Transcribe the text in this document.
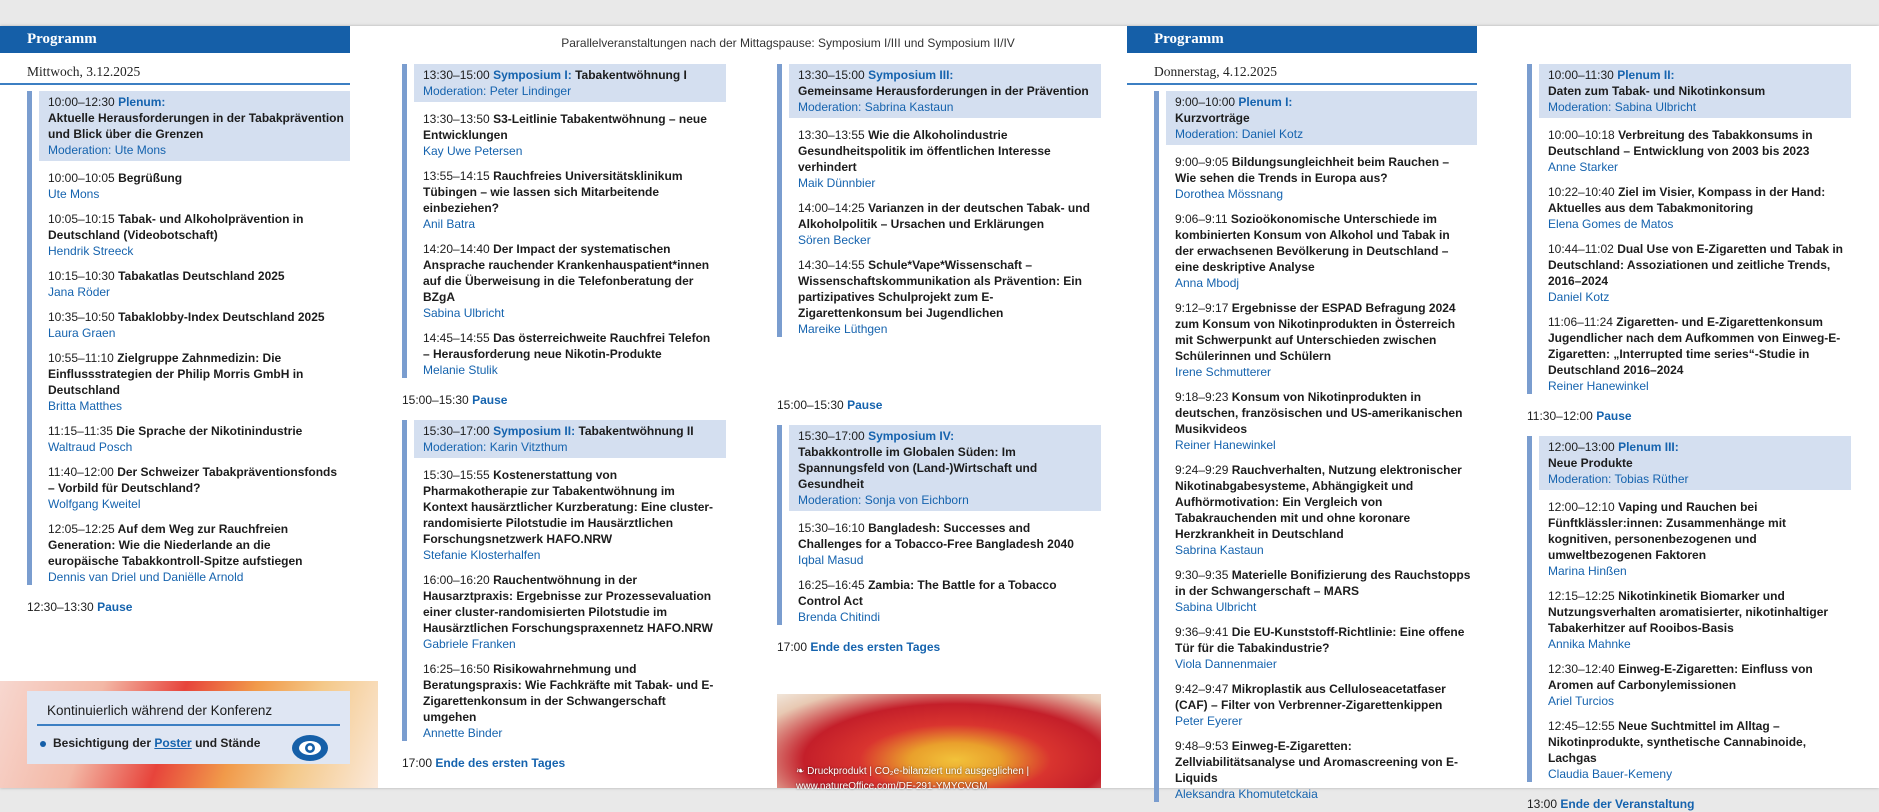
Parallelveranstaltungen nach der Mittagspause: Symposium I/III und Symposium II/IV
Programm
Mittwoch, 3.12.2025
10:00–12:30 Plenum:
Aktuelle Herausforderungen in der Tabakprävention und Blick über die Grenzen
Moderation: Ute Mons
10:00–10:05 Begrüßung
Ute Mons
10:05–10:15 Tabak- und Alkoholprävention in Deutschland (Videobotschaft)
Hendrik Streeck
10:15–10:30 Tabakatlas Deutschland 2025
Jana Röder
10:35–10:50 Tabaklobby-Index Deutschland 2025
Laura Graen
10:55–11:10 Zielgruppe Zahnmedizin: Die Einflussstrategien der Philip Morris GmbH in Deutschland
Britta Matthes
11:15–11:35 Die Sprache der Nikotinindustrie
Waltraud Posch
11:40–12:00 Der Schweizer Tabakpräventionsfonds – Vorbild für Deutschland?
Wolfgang Kweitel
12:05–12:25 Auf dem Weg zur Rauchfreien Generation: Wie die Niederlande an die europäische Tabakkontroll-Spitze aufstiegen
Dennis van Driel und Daniëlle Arnold
12:30–13:30 Pause
Kontinuierlich während der Konferenz
Besichtigung der Poster und Stände
13:30–15:00 Symposium I: Tabakentwöhnung I
Moderation: Peter Lindinger
13:30–13:50 S3-Leitlinie Tabakentwöhnung – neue Entwicklungen
Kay Uwe Petersen
13:55–14:15 Rauchfreies Universitätsklinikum Tübingen – wie lassen sich Mitarbeitende einbeziehen?
Anil Batra
14:20–14:40 Der Impact der systematischen Ansprache rauchender Krankenhauspatient*innen auf die Überweisung in die Telefonberatung der BZgA
Sabina Ulbricht
14:45–14:55 Das österreichweite Rauchfrei Telefon – Herausforderung neue Nikotin-Produkte
Melanie Stulik
15:00–15:30 Pause
15:30–17:00 Symposium II: Tabakentwöhnung II
Moderation: Karin Vitzthum
15:30–15:55 Kostenerstattung von Pharmakotherapie zur Tabakentwöhnung im Kontext hausärztlicher Kurzberatung: Eine cluster-randomisierte Pilotstudie im Hausärztlichen Forschungsnetzwerk HAFO.NRW
Stefanie Klosterhalfen
16:00–16:20 Rauchentwöhnung in der Hausarztpraxis: Ergebnisse zur Prozessevaluation einer cluster-randomisierten Pilotstudie im Hausärztlichen Forschungspraxennetz HAFO.NRW
Gabriele Franken
16:25–16:50 Risikowahrnehmung und Beratungspraxis: Wie Fachkräfte mit Tabak- und E-Zigarettenkonsum in der Schwangerschaft umgehen
Annette Binder
17:00 Ende des ersten Tages
13:30–15:00 Symposium III:
Gemeinsame Herausforderungen in der Prävention
Moderation: Sabrina Kastaun
13:30–13:55 Wie die Alkoholindustrie Gesundheitspolitik im öffentlichen Interesse verhindert
Maik Dünnbier
14:00–14:25 Varianzen in der deutschen Tabak- und Alkoholpolitik – Ursachen und Erklärungen
Sören Becker
14:30–14:55 Schule*Vape*Wissenschaft – Wissenschaftskommunikation als Prävention: Ein partizipatives Schulprojekt zum E-Zigarettenkonsum bei Jugendlichen
Mareike Lüthgen
15:00–15:30 Pause
15:30–17:00 Symposium IV:
Tabakkontrolle im Globalen Süden: Im Spannungsfeld von (Land-)Wirtschaft und Gesundheit
Moderation: Sonja von Eichborn
15:30–16:10 Bangladesh: Successes and Challenges for a Tobacco-Free Bangladesh 2040
Iqbal Masud
16:25–16:45 Zambia: The Battle for a Tobacco Control Act
Brenda Chitindi
17:00 Ende des ersten Tages
❧ Druckprodukt | CO₂e-bilanziert und ausgeglichen |
www.natureOffice.com/DE-291-YMYCVGM
Programm
Donnerstag, 4.12.2025
9:00–10:00 Plenum I:
Kurzvorträge
Moderation: Daniel Kotz
9:00–9:05 Bildungsungleichheit beim Rauchen – Wie sehen die Trends in Europa aus?
Dorothea Mössnang
9:06–9:11 Sozioökonomische Unterschiede im kombinierten Konsum von Alkohol und Tabak in der erwachsenen Bevölkerung in Deutschland – eine deskriptive Analyse
Anna Mbodj
9:12–9:17 Ergebnisse der ESPAD Befragung 2024 zum Konsum von Nikotinprodukten in Österreich mit Schwerpunkt auf Unterschieden zwischen Schülerinnen und Schülern
Irene Schmutterer
9:18–9:23 Konsum von Nikotinprodukten in deutschen, französischen und US-amerikanischen Musikvideos
Reiner Hanewinkel
9:24–9:29 Rauchverhalten, Nutzung elektronischer Nikotinabgabesysteme, Abhängigkeit und Aufhörmotivation: Ein Vergleich von Tabakrauchenden mit und ohne koronare Herzkrankheit in Deutschland
Sabrina Kastaun
9:30–9:35 Materielle Bonifizierung des Rauchstopps in der Schwangerschaft – MARS
Sabina Ulbricht
9:36–9:41 Die EU-Kunststoff-Richtlinie: Eine offene Tür für die Tabakindustrie?
Viola Dannenmaier
9:42–9:47 Mikroplastik aus Celluloseacetatfaser (CAF) – Filter von Verbrenner-Zigarettenkippen
Peter Eyerer
9:48–9:53 Einweg-E-Zigaretten: Zellviabilitätsanalyse und Aromascreening von E-Liquids
Aleksandra Khomutetckaia
10:00–11:30 Plenum II:
Daten zum Tabak- und Nikotinkonsum
Moderation: Sabina Ulbricht
10:00–10:18 Verbreitung des Tabakkonsums in Deutschland – Entwicklung von 2003 bis 2023
Anne Starker
10:22–10:40 Ziel im Visier, Kompass in der Hand: Aktuelles aus dem Tabakmonitoring
Elena Gomes de Matos
10:44–11:02 Dual Use von E-Zigaretten und Tabak in Deutschland: Assoziationen und zeitliche Trends, 2016–2024
Daniel Kotz
11:06–11:24 Zigaretten- und E-Zigarettenkonsum Jugendlicher nach dem Aufkommen von Einweg-E-Zigaretten: „Interrupted time series“-Studie in Deutschland 2016–2024
Reiner Hanewinkel
11:30–12:00 Pause
12:00–13:00 Plenum III:
Neue Produkte
Moderation: Tobias Rüther
12:00–12:10 Vaping und Rauchen bei Fünftklässler:innen: Zusammenhänge mit kognitiven, personenbezogenen und umweltbezogenen Faktoren
Marina Hinßen
12:15–12:25 Nikotinkinetik Biomarker und Nutzungsverhalten aromatisierter, nikotinhaltiger Tabakerhitzer auf Rooibos-Basis
Annika Mahnke
12:30–12:40 Einweg-E-Zigaretten: Einfluss von Aromen auf Carbonylemissionen
Ariel Turcios
12:45–12:55 Neue Suchtmittel im Alltag – Nikotinprodukte, synthetische Cannabinoide, Lachgas
Claudia Bauer-Kemeny
13:00 Ende der Veranstaltung
